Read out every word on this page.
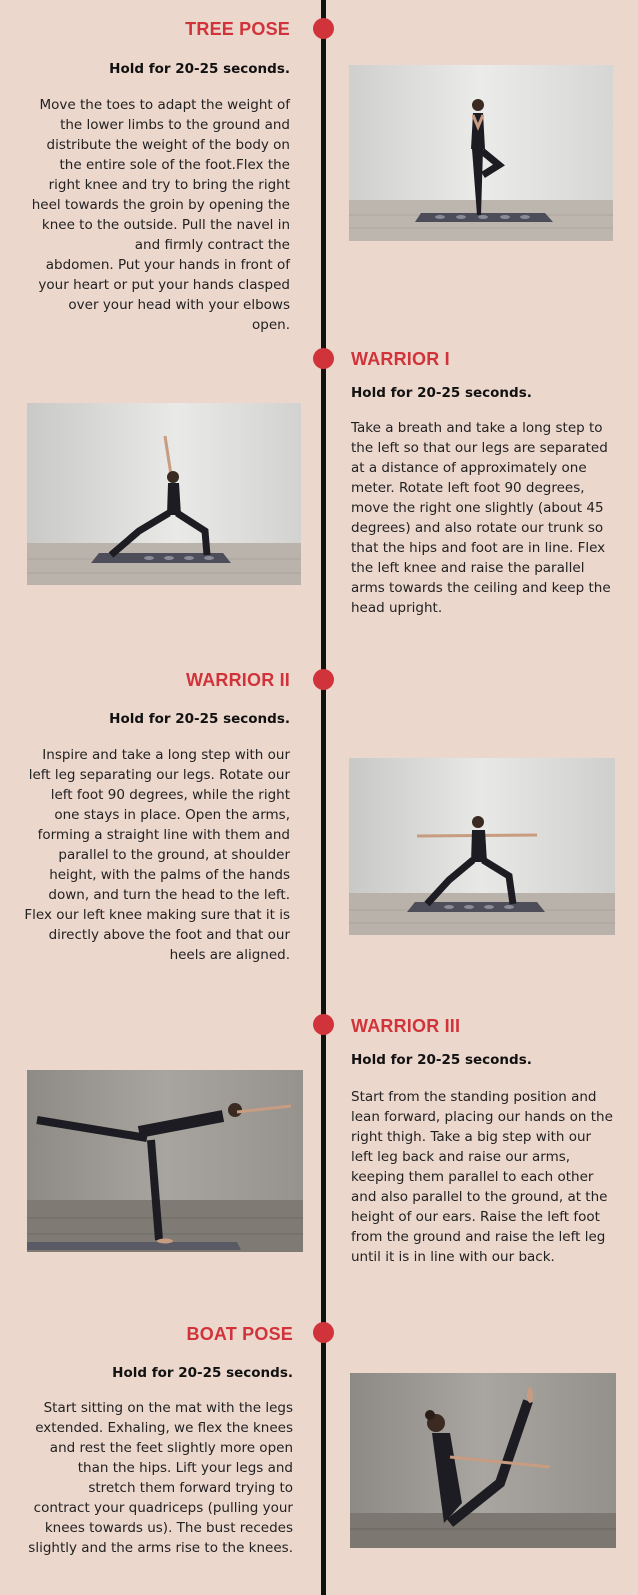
TREE POSE
Hold for 20-25 seconds.
Move the toes to adapt the weight of
the lower limbs to the ground and
distribute the weight of the body on
the entire sole of the foot.Flex the
right knee and try to bring the right
heel towards the groin by opening the
knee to the outside. Pull the navel in
and firmly contract the
abdomen. Put your hands in front of
your heart or put your hands clasped
over your head with your elbows
open.
WARRIOR I
Hold for 20-25 seconds.
Take a breath and take a long step to
the left so that our legs are separated
at a distance of approximately one
meter. Rotate left foot 90 degrees,
move the right one slightly (about 45
degrees) and also rotate our trunk so
that the hips and foot are in line. Flex
the left knee and raise the parallel
arms towards the ceiling and keep the
head upright.
WARRIOR II
Hold for 20-25 seconds.
Inspire and take a long step with our
left leg separating our legs. Rotate our
left foot 90 degrees, while the right
one stays in place. Open the arms,
forming a straight line with them and
parallel to the ground, at shoulder
height, with the palms of the hands
down, and turn the head to the left.
Flex our left knee making sure that it is
directly above the foot and that our
heels are aligned.
WARRIOR III
Hold for 20-25 seconds.
Start from the standing position and
lean forward, placing our hands on the
right thigh. Take a big step with our
left leg back and raise our arms,
keeping them parallel to each other
and also parallel to the ground, at the
height of our ears. Raise the left foot
from the ground and raise the left leg
until it is in line with our back.
BOAT POSE
Hold for 20-25 seconds.
Start sitting on the mat with the legs
extended. Exhaling, we flex the knees
and rest the feet slightly more open
than the hips. Lift your legs and
stretch them forward trying to
contract your quadriceps (pulling your
knees towards us). The bust recedes
slightly and the arms rise to the knees.
